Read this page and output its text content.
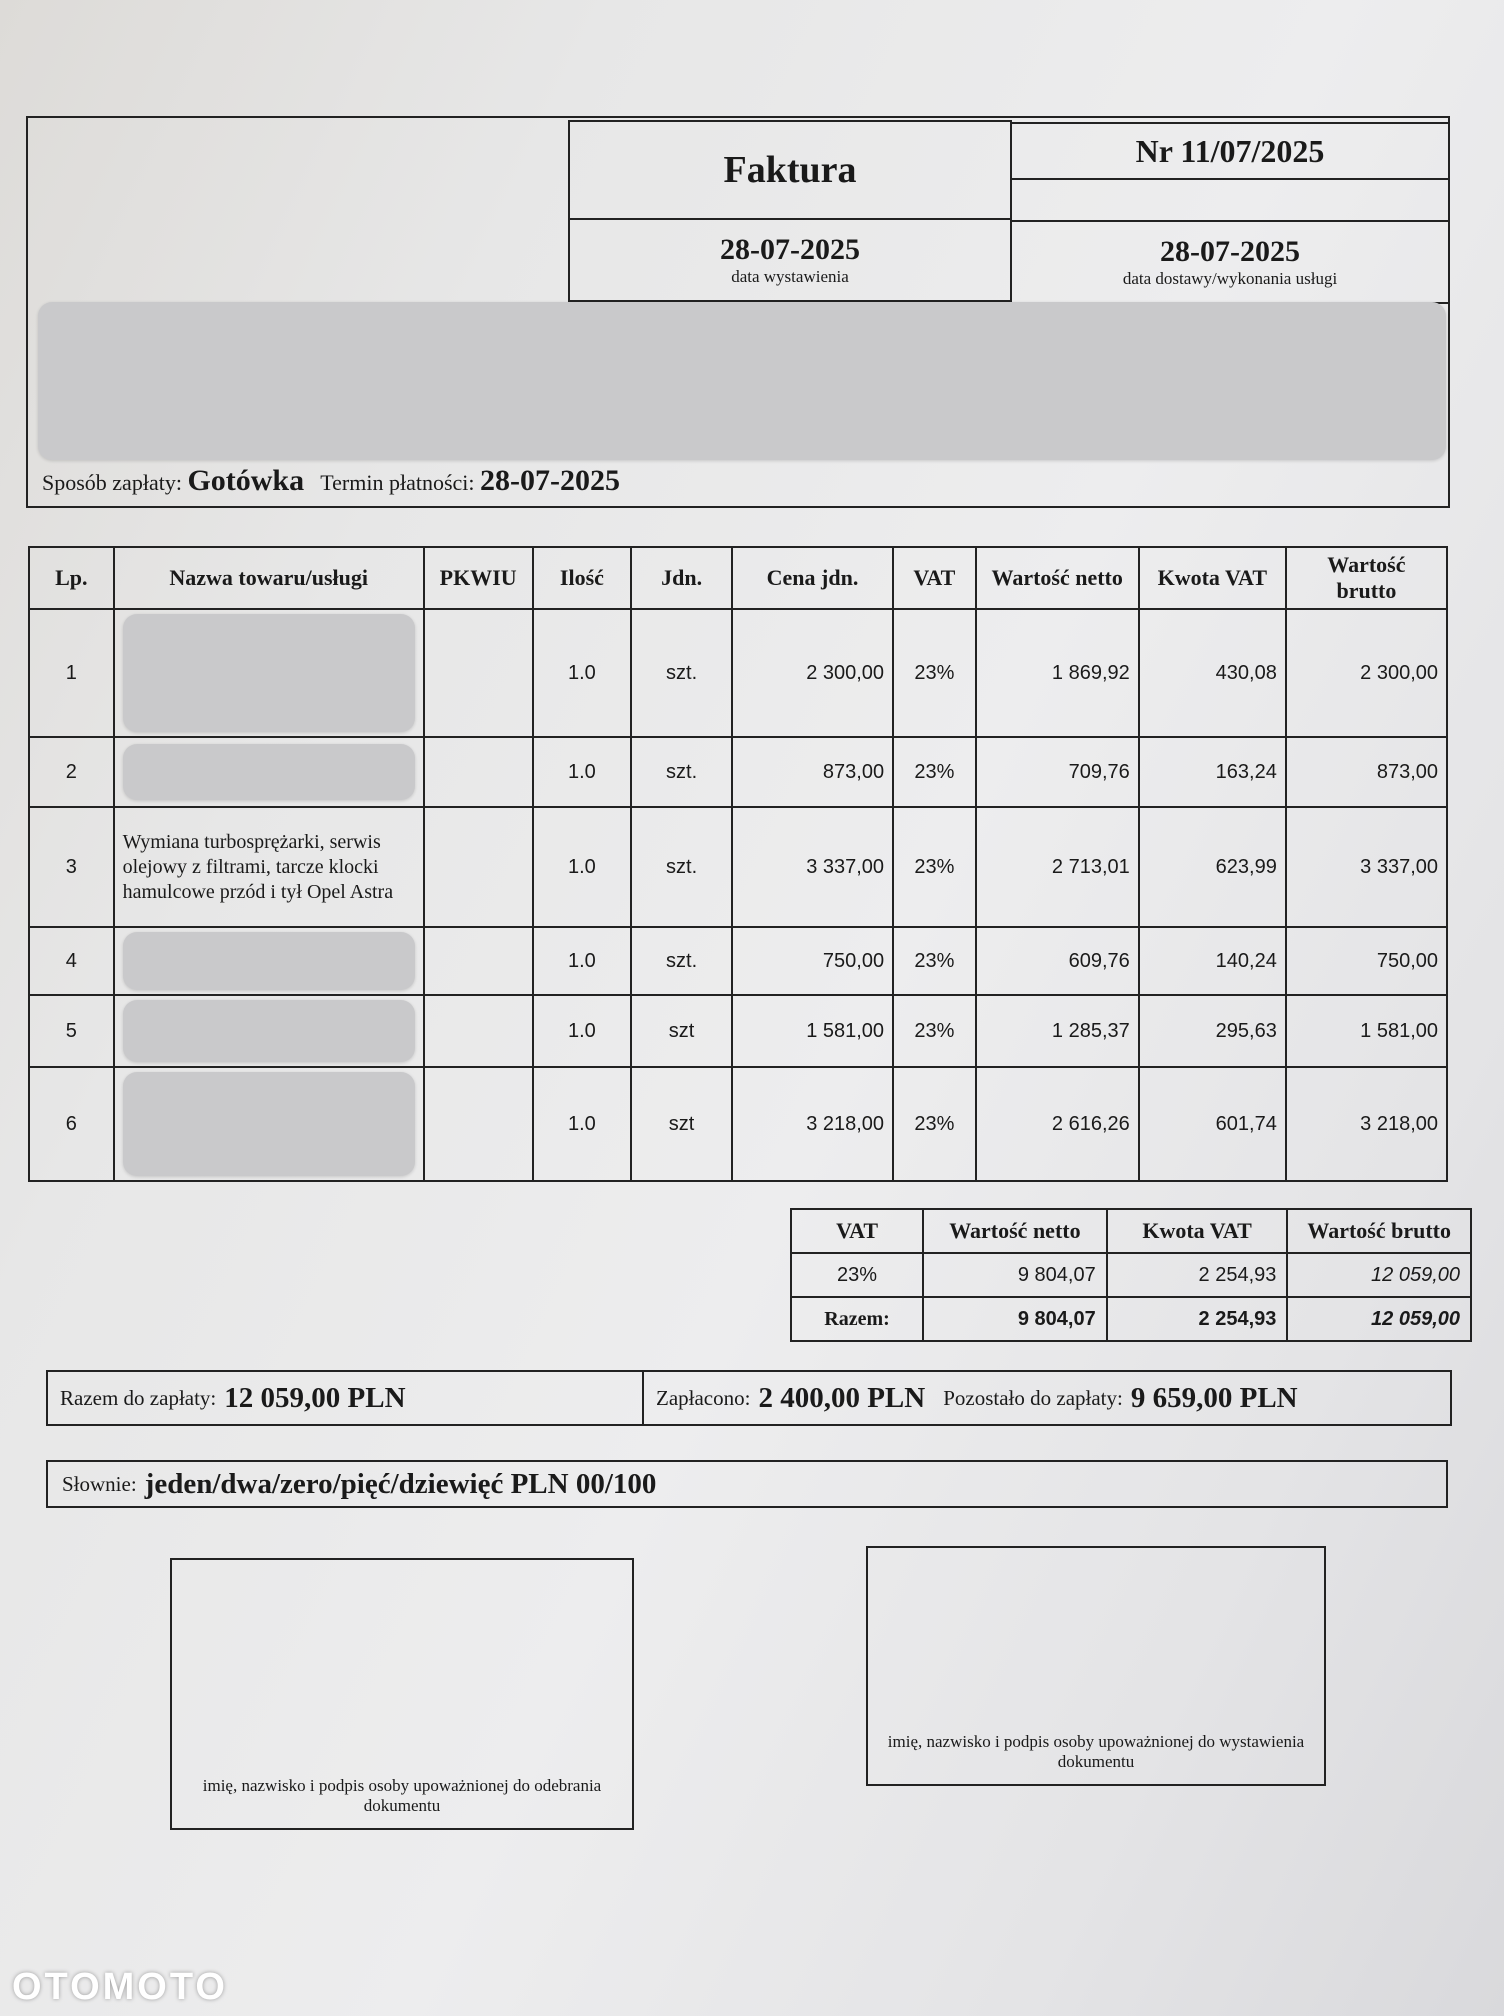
Faktura	Nr 11/07/2025
28-07-2025
data wystawienia
28-07-2025
data dostawy/wykonania usługi
Sposób zapłaty: Gotówka Termin płatności: 28-07-2025
Lp.	Nazwa towaru/usługi	PKWIU	Ilość	Jdn.	Cena jdn.	VAT	Wartość netto	Kwota VAT	Wartość brutto
1			1.0	szt.	2 300,00	23%	1 869,92	430,08	2 300,00
2			1.0	szt.	873,00	23%	709,76	163,24	873,00
3	Wymiana turbosprężarki, serwis olejowy z filtrami, tarcze klocki hamulcowe przód i tył Opel Astra		1.0	szt.	3 337,00	23%	2 713,01	623,99	3 337,00
4			1.0	szt.	750,00	23%	609,76	140,24	750,00
5			1.0	szt	1 581,00	23%	1 285,37	295,63	1 581,00
6			1.0	szt	3 218,00	23%	2 616,26	601,74	3 218,00
VAT	Wartość netto	Kwota VAT	Wartość brutto
23%	9 804,07	2 254,93	12 059,00
Razem:	9 804,07	2 254,93	12 059,00
Razem do zapłaty: 12 059,00 PLN	Zapłacono: 2 400,00 PLN Pozostało do zapłaty: 9 659,00 PLN
Słownie: jeden/dwa/zero/pięć/dziewięć PLN 00/100
imię, nazwisko i podpis osoby upoważnionej do odebrania dokumentu
imię, nazwisko i podpis osoby upoważnionej do wystawienia dokumentu
OTOMOTO
